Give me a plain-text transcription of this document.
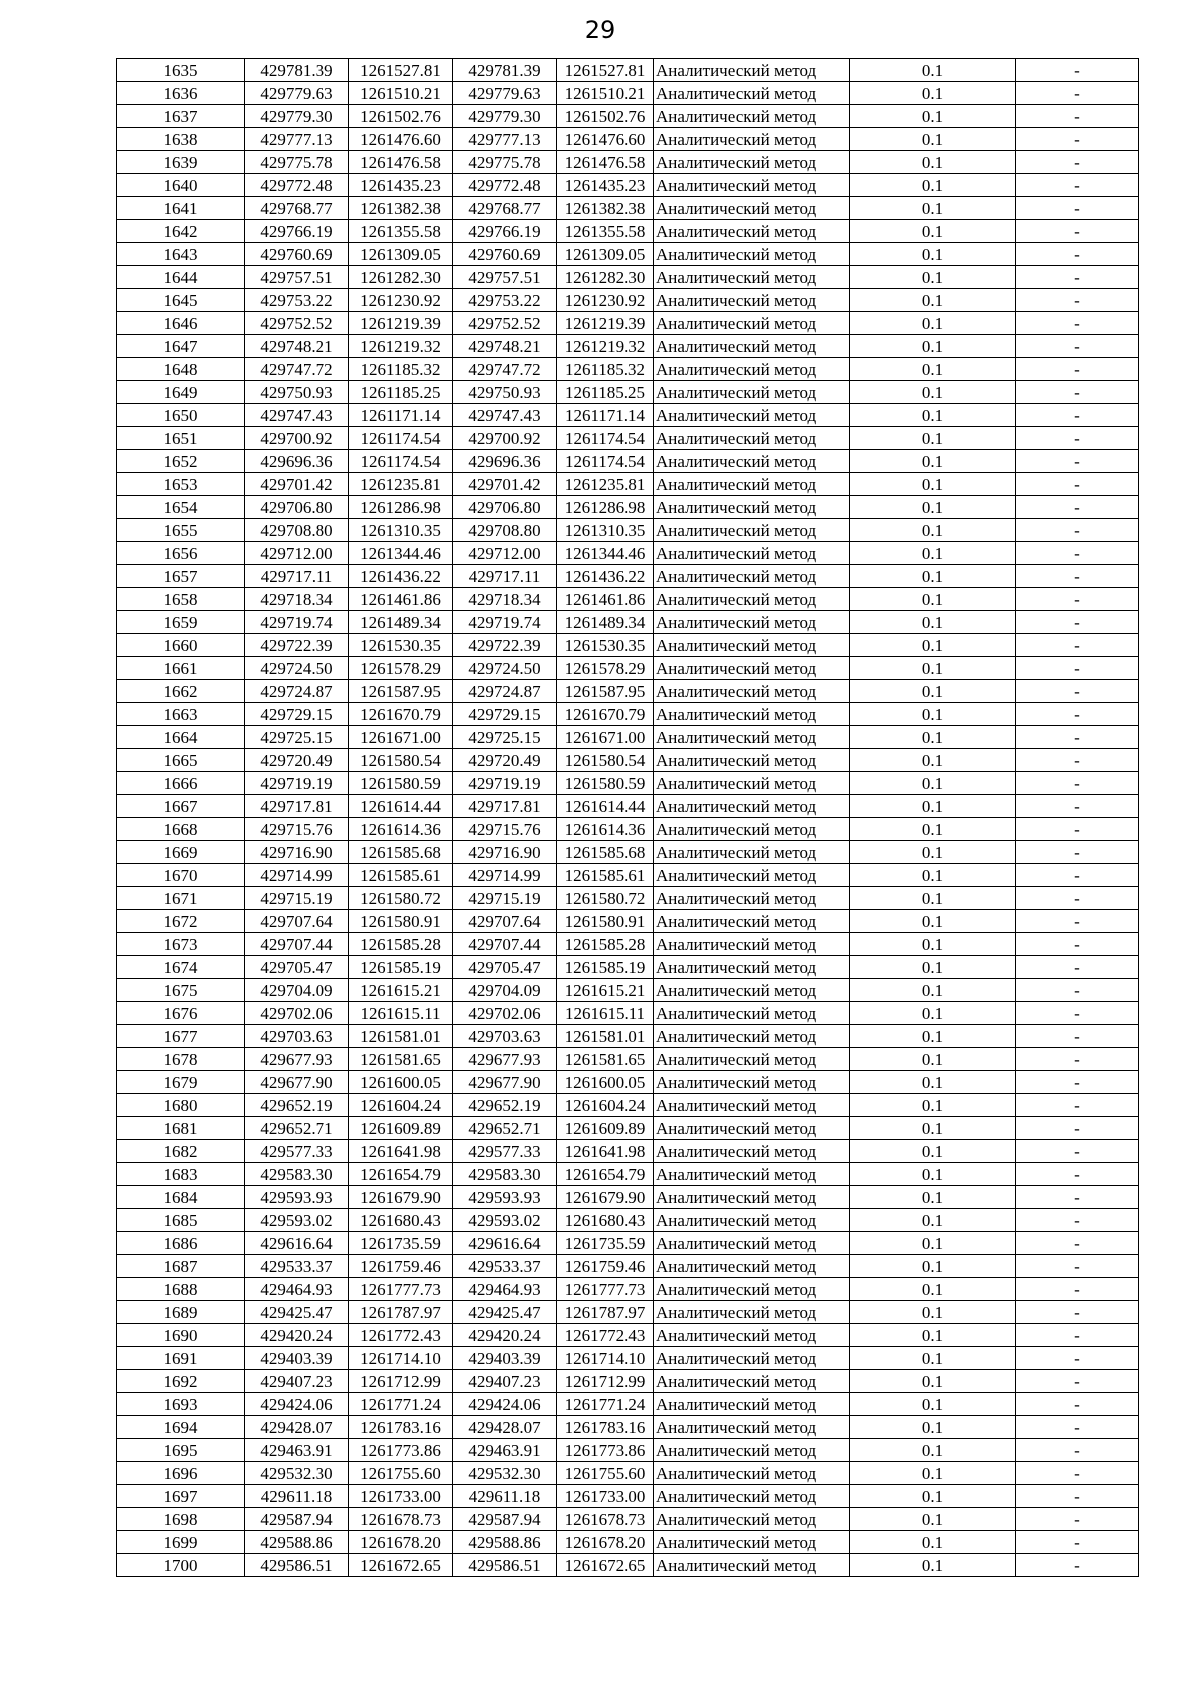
29
1635	429781.39	1261527.81	429781.39	1261527.81	Аналитический метод	0.1	-
1636	429779.63	1261510.21	429779.63	1261510.21	Аналитический метод	0.1	-
1637	429779.30	1261502.76	429779.30	1261502.76	Аналитический метод	0.1	-
1638	429777.13	1261476.60	429777.13	1261476.60	Аналитический метод	0.1	-
1639	429775.78	1261476.58	429775.78	1261476.58	Аналитический метод	0.1	-
1640	429772.48	1261435.23	429772.48	1261435.23	Аналитический метод	0.1	-
1641	429768.77	1261382.38	429768.77	1261382.38	Аналитический метод	0.1	-
1642	429766.19	1261355.58	429766.19	1261355.58	Аналитический метод	0.1	-
1643	429760.69	1261309.05	429760.69	1261309.05	Аналитический метод	0.1	-
1644	429757.51	1261282.30	429757.51	1261282.30	Аналитический метод	0.1	-
1645	429753.22	1261230.92	429753.22	1261230.92	Аналитический метод	0.1	-
1646	429752.52	1261219.39	429752.52	1261219.39	Аналитический метод	0.1	-
1647	429748.21	1261219.32	429748.21	1261219.32	Аналитический метод	0.1	-
1648	429747.72	1261185.32	429747.72	1261185.32	Аналитический метод	0.1	-
1649	429750.93	1261185.25	429750.93	1261185.25	Аналитический метод	0.1	-
1650	429747.43	1261171.14	429747.43	1261171.14	Аналитический метод	0.1	-
1651	429700.92	1261174.54	429700.92	1261174.54	Аналитический метод	0.1	-
1652	429696.36	1261174.54	429696.36	1261174.54	Аналитический метод	0.1	-
1653	429701.42	1261235.81	429701.42	1261235.81	Аналитический метод	0.1	-
1654	429706.80	1261286.98	429706.80	1261286.98	Аналитический метод	0.1	-
1655	429708.80	1261310.35	429708.80	1261310.35	Аналитический метод	0.1	-
1656	429712.00	1261344.46	429712.00	1261344.46	Аналитический метод	0.1	-
1657	429717.11	1261436.22	429717.11	1261436.22	Аналитический метод	0.1	-
1658	429718.34	1261461.86	429718.34	1261461.86	Аналитический метод	0.1	-
1659	429719.74	1261489.34	429719.74	1261489.34	Аналитический метод	0.1	-
1660	429722.39	1261530.35	429722.39	1261530.35	Аналитический метод	0.1	-
1661	429724.50	1261578.29	429724.50	1261578.29	Аналитический метод	0.1	-
1662	429724.87	1261587.95	429724.87	1261587.95	Аналитический метод	0.1	-
1663	429729.15	1261670.79	429729.15	1261670.79	Аналитический метод	0.1	-
1664	429725.15	1261671.00	429725.15	1261671.00	Аналитический метод	0.1	-
1665	429720.49	1261580.54	429720.49	1261580.54	Аналитический метод	0.1	-
1666	429719.19	1261580.59	429719.19	1261580.59	Аналитический метод	0.1	-
1667	429717.81	1261614.44	429717.81	1261614.44	Аналитический метод	0.1	-
1668	429715.76	1261614.36	429715.76	1261614.36	Аналитический метод	0.1	-
1669	429716.90	1261585.68	429716.90	1261585.68	Аналитический метод	0.1	-
1670	429714.99	1261585.61	429714.99	1261585.61	Аналитический метод	0.1	-
1671	429715.19	1261580.72	429715.19	1261580.72	Аналитический метод	0.1	-
1672	429707.64	1261580.91	429707.64	1261580.91	Аналитический метод	0.1	-
1673	429707.44	1261585.28	429707.44	1261585.28	Аналитический метод	0.1	-
1674	429705.47	1261585.19	429705.47	1261585.19	Аналитический метод	0.1	-
1675	429704.09	1261615.21	429704.09	1261615.21	Аналитический метод	0.1	-
1676	429702.06	1261615.11	429702.06	1261615.11	Аналитический метод	0.1	-
1677	429703.63	1261581.01	429703.63	1261581.01	Аналитический метод	0.1	-
1678	429677.93	1261581.65	429677.93	1261581.65	Аналитический метод	0.1	-
1679	429677.90	1261600.05	429677.90	1261600.05	Аналитический метод	0.1	-
1680	429652.19	1261604.24	429652.19	1261604.24	Аналитический метод	0.1	-
1681	429652.71	1261609.89	429652.71	1261609.89	Аналитический метод	0.1	-
1682	429577.33	1261641.98	429577.33	1261641.98	Аналитический метод	0.1	-
1683	429583.30	1261654.79	429583.30	1261654.79	Аналитический метод	0.1	-
1684	429593.93	1261679.90	429593.93	1261679.90	Аналитический метод	0.1	-
1685	429593.02	1261680.43	429593.02	1261680.43	Аналитический метод	0.1	-
1686	429616.64	1261735.59	429616.64	1261735.59	Аналитический метод	0.1	-
1687	429533.37	1261759.46	429533.37	1261759.46	Аналитический метод	0.1	-
1688	429464.93	1261777.73	429464.93	1261777.73	Аналитический метод	0.1	-
1689	429425.47	1261787.97	429425.47	1261787.97	Аналитический метод	0.1	-
1690	429420.24	1261772.43	429420.24	1261772.43	Аналитический метод	0.1	-
1691	429403.39	1261714.10	429403.39	1261714.10	Аналитический метод	0.1	-
1692	429407.23	1261712.99	429407.23	1261712.99	Аналитический метод	0.1	-
1693	429424.06	1261771.24	429424.06	1261771.24	Аналитический метод	0.1	-
1694	429428.07	1261783.16	429428.07	1261783.16	Аналитический метод	0.1	-
1695	429463.91	1261773.86	429463.91	1261773.86	Аналитический метод	0.1	-
1696	429532.30	1261755.60	429532.30	1261755.60	Аналитический метод	0.1	-
1697	429611.18	1261733.00	429611.18	1261733.00	Аналитический метод	0.1	-
1698	429587.94	1261678.73	429587.94	1261678.73	Аналитический метод	0.1	-
1699	429588.86	1261678.20	429588.86	1261678.20	Аналитический метод	0.1	-
1700	429586.51	1261672.65	429586.51	1261672.65	Аналитический метод	0.1	-
